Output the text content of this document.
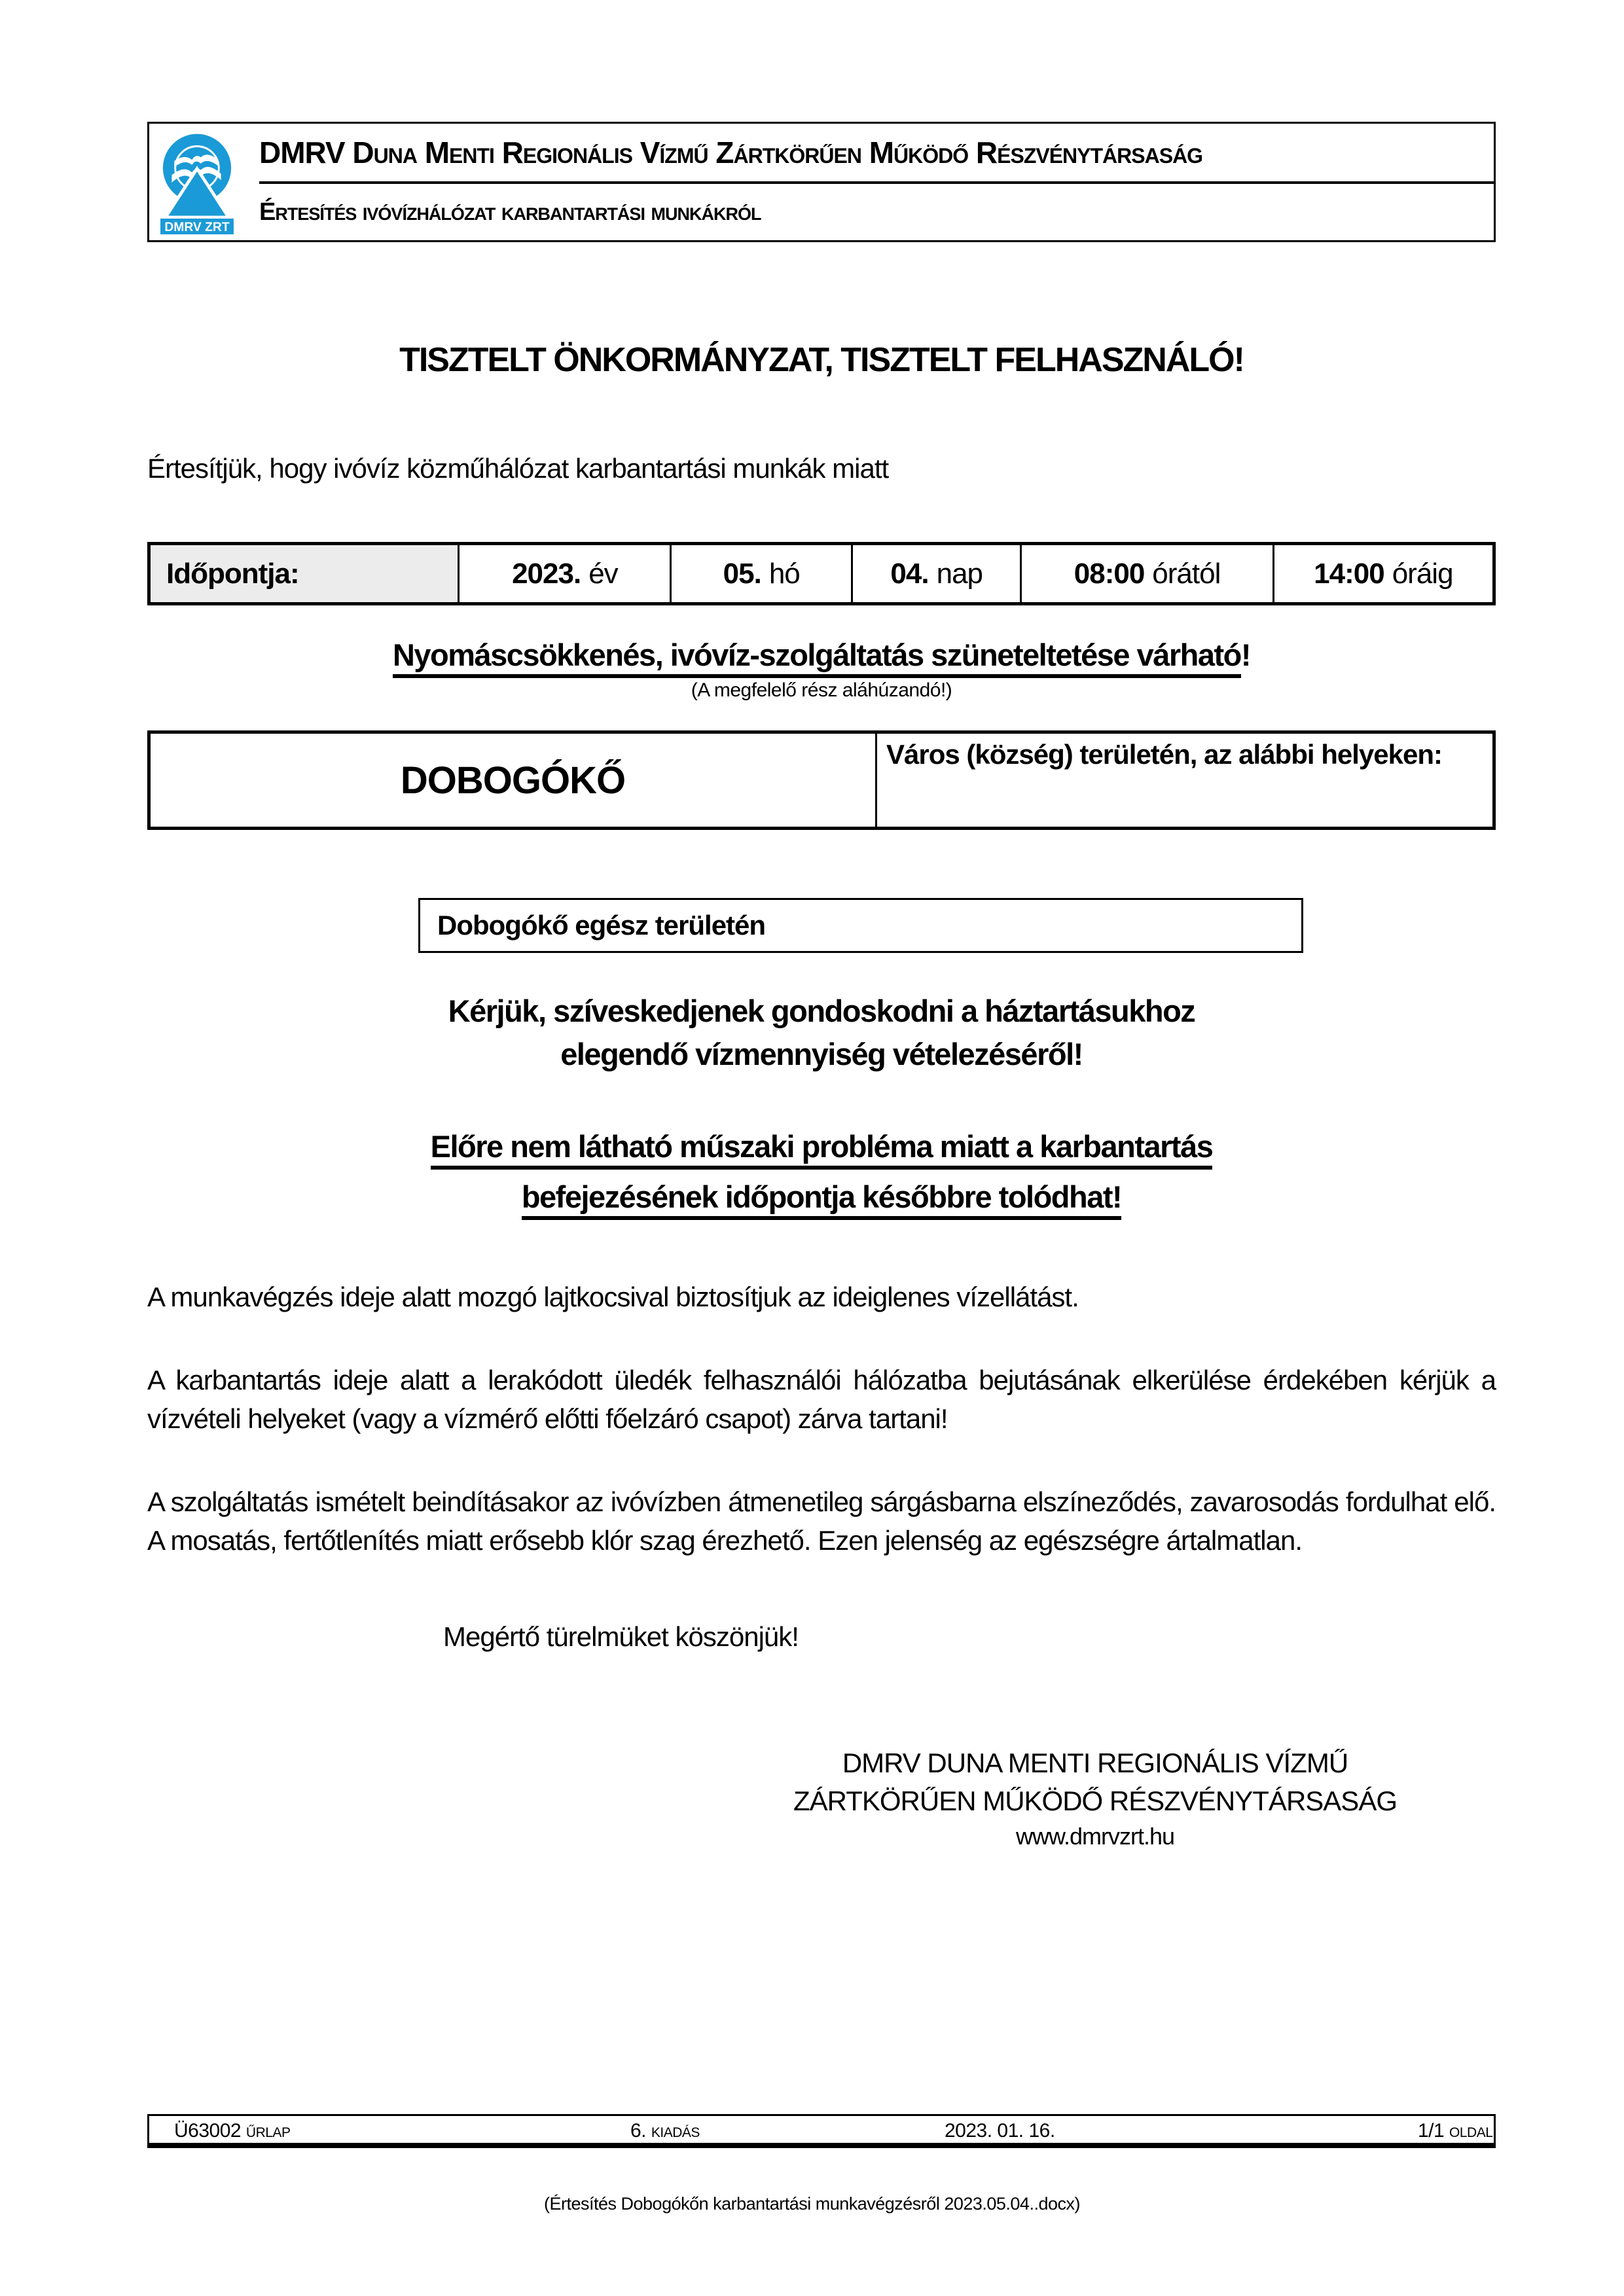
DMRV ZRT
DMRV Duna Menti Regionális Vízmű Zártkörűen Működő Részvénytársaság
Értesítés ivóvízhálózat karbantartási munkákról
TISZTELT ÖNKORMÁNYZAT, TISZTELT FELHASZNÁLÓ!
Értesítjük, hogy ivóvíz közműhálózat karbantartási munkák miatt
Időpontja:	2023. év	05. hó	04. nap	08:00 órától	14:00 óráig
Nyomáscsökkenés, ivóvíz-szolgáltatás szüneteltetése várható!
(A megfelelő rész aláhúzandó!)
DOBOGÓKŐ
Város (község) területén, az alábbi helyeken:
Dobogókő egész területén
Kérjük, szíveskedjenek gondoskodni a háztartásukhoz
elegendő vízmennyiség vételezéséről!
Előre nem látható műszaki probléma miatt a karbantartás
befejezésének időpontja későbbre tolódhat!
A munkavégzés ideje alatt mozgó lajtkocsival biztosítjuk az ideiglenes vízellátást.
A karbantartás ideje alatt a lerakódott üledék felhasználói hálózatba bejutásának elkerülése érdekében kérjük a vízvételi helyeket (vagy a vízmérő előtti főelzáró csapot) zárva tartani!
A szolgáltatás ismételt beindításakor az ivóvízben átmenetileg sárgásbarna elszíneződés, zavarosodás fordulhat elő. A mosatás, fertőtlenítés miatt erősebb klór szag érezhető. Ezen jelenség az egészségre ártalmatlan.
Megértő türelmüket köszönjük!
DMRV DUNA MENTI REGIONÁLIS VÍZMŰ
ZÁRTKÖRŰEN MŰKÖDŐ RÉSZVÉNYTÁRSASÁG
www.dmrvzrt.hu
Ü63002 űrlap	6. kiadás	2023. 01. 16.	1/1 oldal
(Értesítés Dobogókőn karbantartási munkavégzésről 2023.05.04..docx)
